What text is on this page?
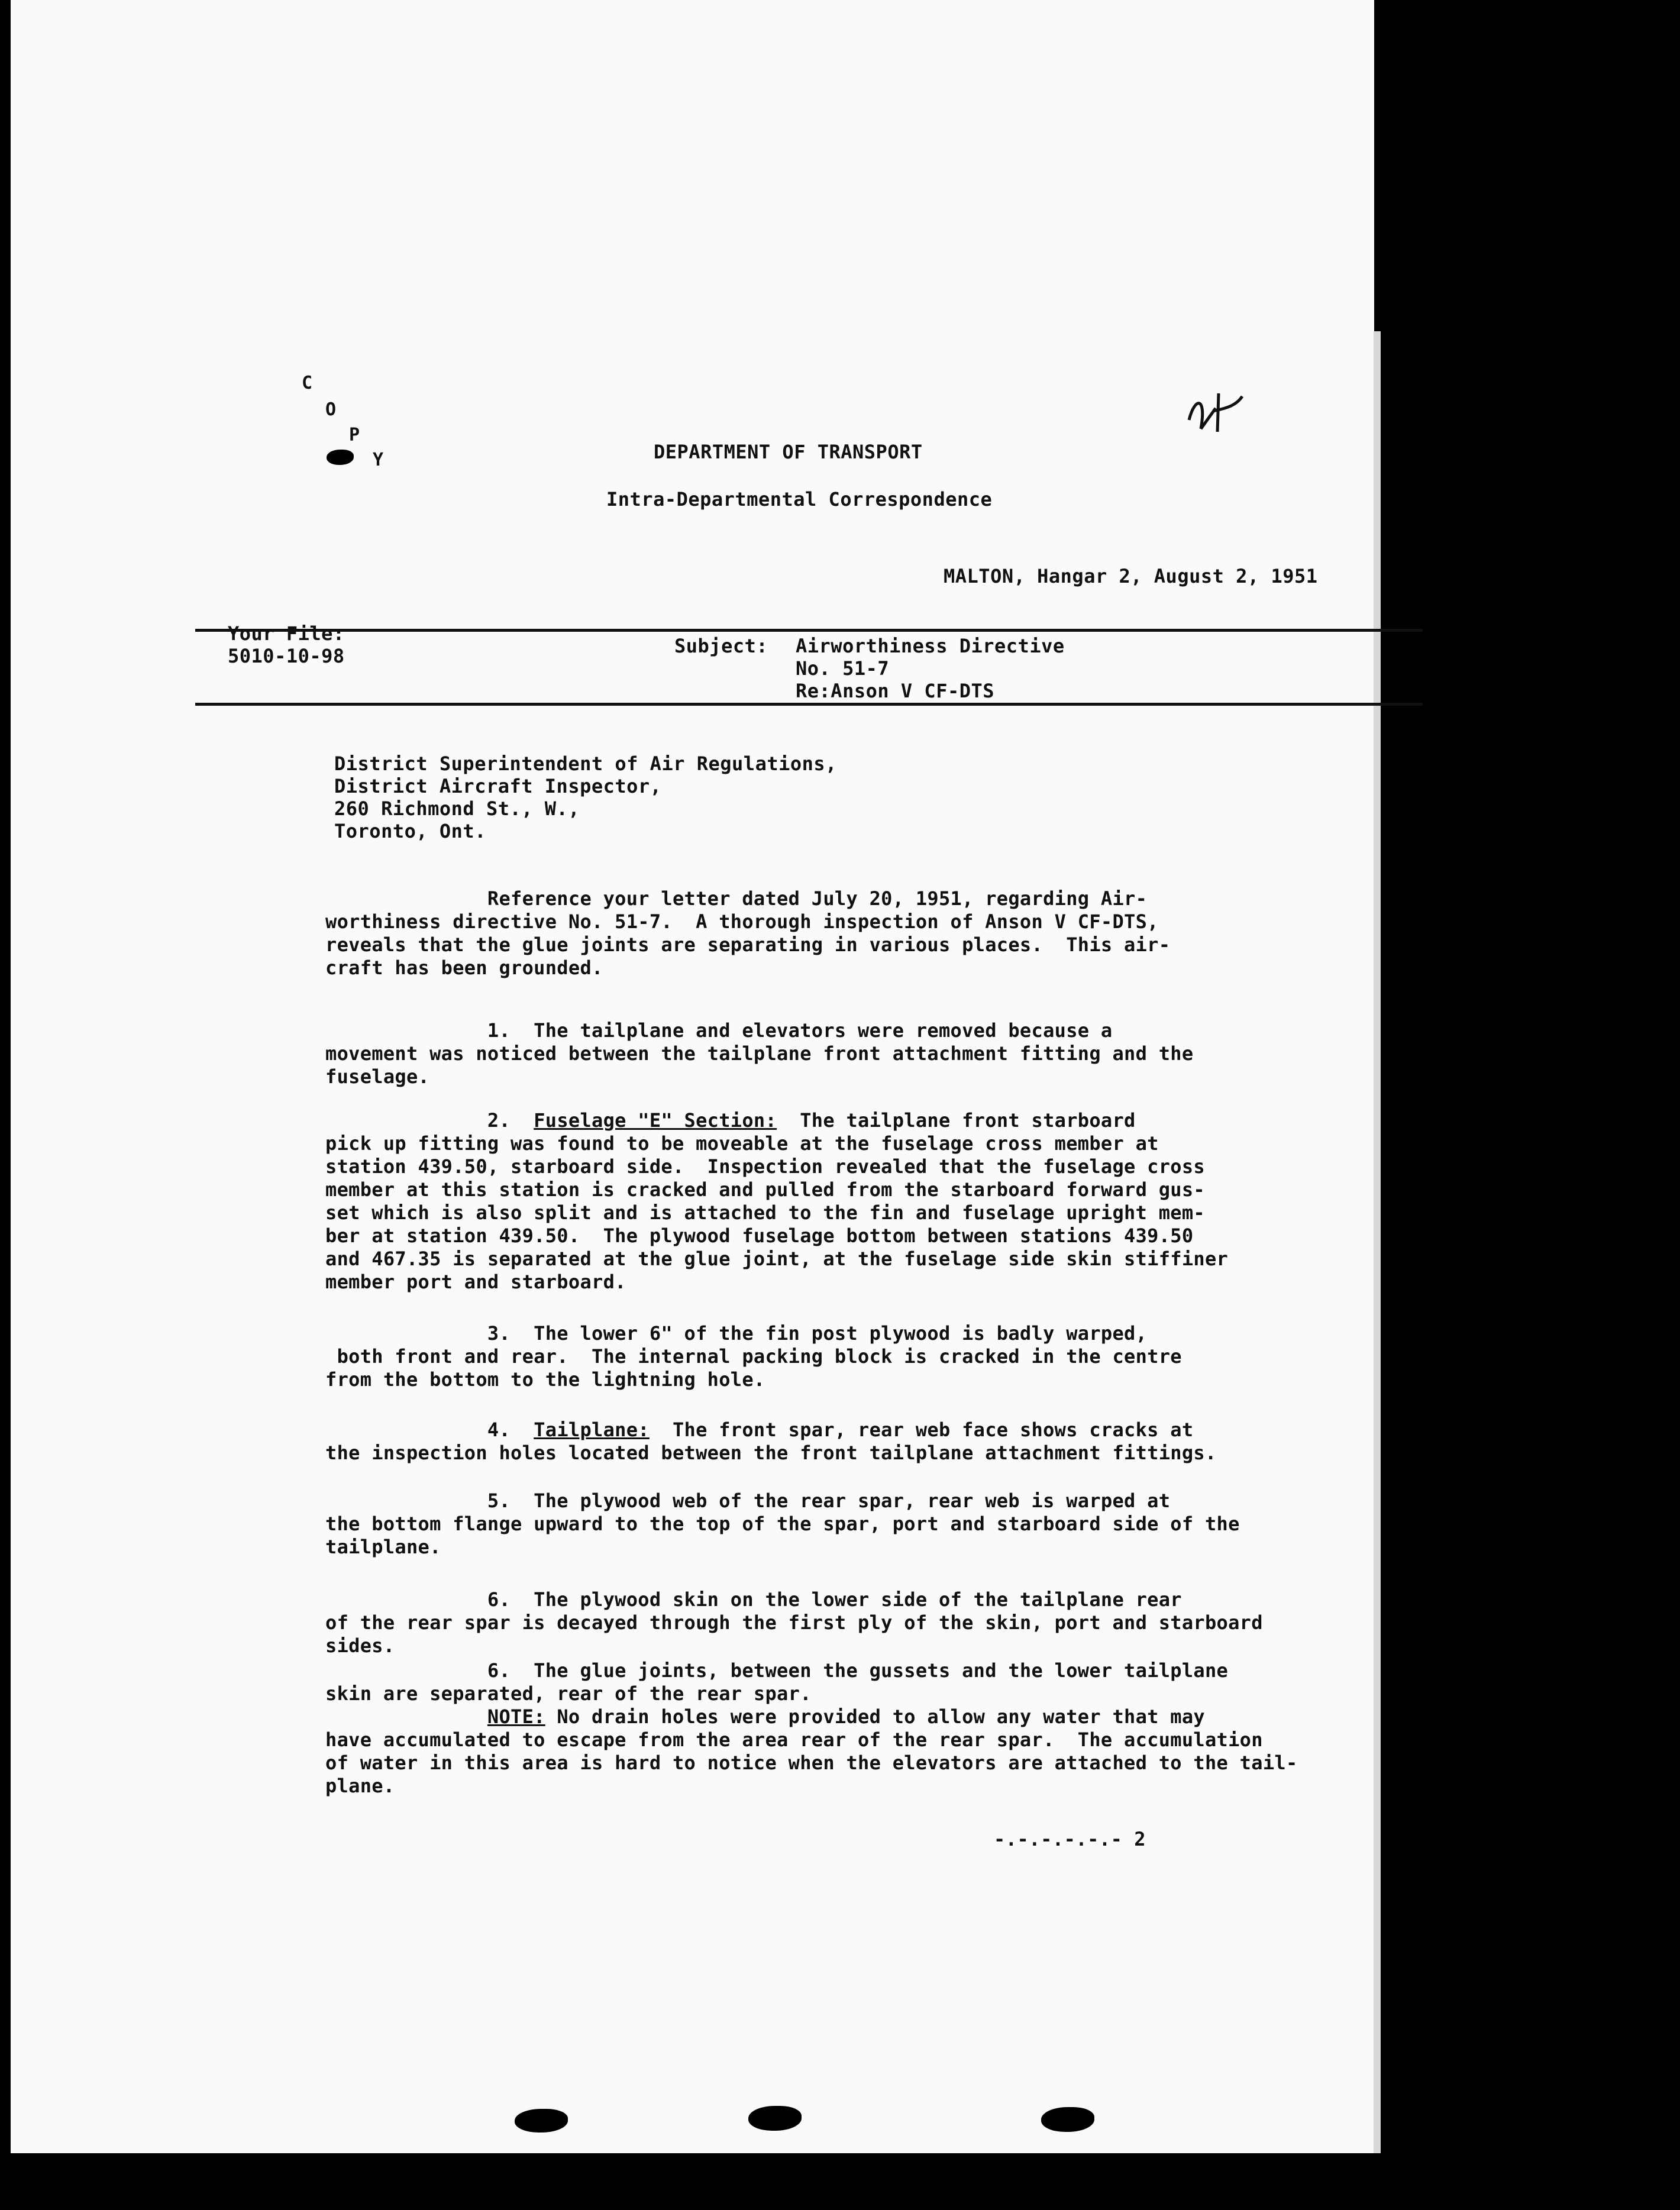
C
O
P
Y	DEPARTMENT OF TRANSPORT
Intra-Departmental Correspondence
MALTON, Hangar 2, August 2, 1951
Your File:
5010-10-98	Subject: Airworthiness Directive
No. 51-7
Re:Anson V CF-DTS
District Superintendent of Air Regulations,
District Aircraft Inspector,
260 Richmond St., W.,
Toronto, Ont.
Reference your letter dated July 20, 1951, regarding Air-
worthiness directive No. 51-7.  A thorough inspection of Anson V CF-DTS,
reveals that the glue joints are separating in various places.  This air-
craft has been grounded.
1.  The tailplane and elevators were removed because a
movement was noticed between the tailplane front attachment fitting and the
fuselage.
2.  Fuselage "E" Section:  The tailplane front starboard
pick up fitting was found to be moveable at the fuselage cross member at
station 439.50, starboard side.  Inspection revealed that the fuselage cross
member at this station is cracked and pulled from the starboard forward gus-
set which is also split and is attached to the fin and fuselage upright mem-
ber at station 439.50.  The plywood fuselage bottom between stations 439.50
and 467.35 is separated at the glue joint, at the fuselage side skin stiffiner
member port and starboard.
3.  The lower 6" of the fin post plywood is badly warped,
both front and rear.  The internal packing block is cracked in the centre
from the bottom to the lightning hole.
4.  Tailplane:  The front spar, rear web face shows cracks at
the inspection holes located between the front tailplane attachment fittings.
5.  The plywood web of the rear spar, rear web is warped at
the bottom flange upward to the top of the spar, port and starboard side of the
tailplane.
6.  The plywood skin on the lower side of the tailplane rear
of the rear spar is decayed through the first ply of the skin, port and starboard
sides.
6.  The glue joints, between the gussets and the lower tailplane
skin are separated, rear of the rear spar.
NOTE: No drain holes were provided to allow any water that may
have accumulated to escape from the area rear of the rear spar.  The accumulation
of water in this area is hard to notice when the elevators are attached to the tail-
plane.
-.-.-.-.-.- 2
